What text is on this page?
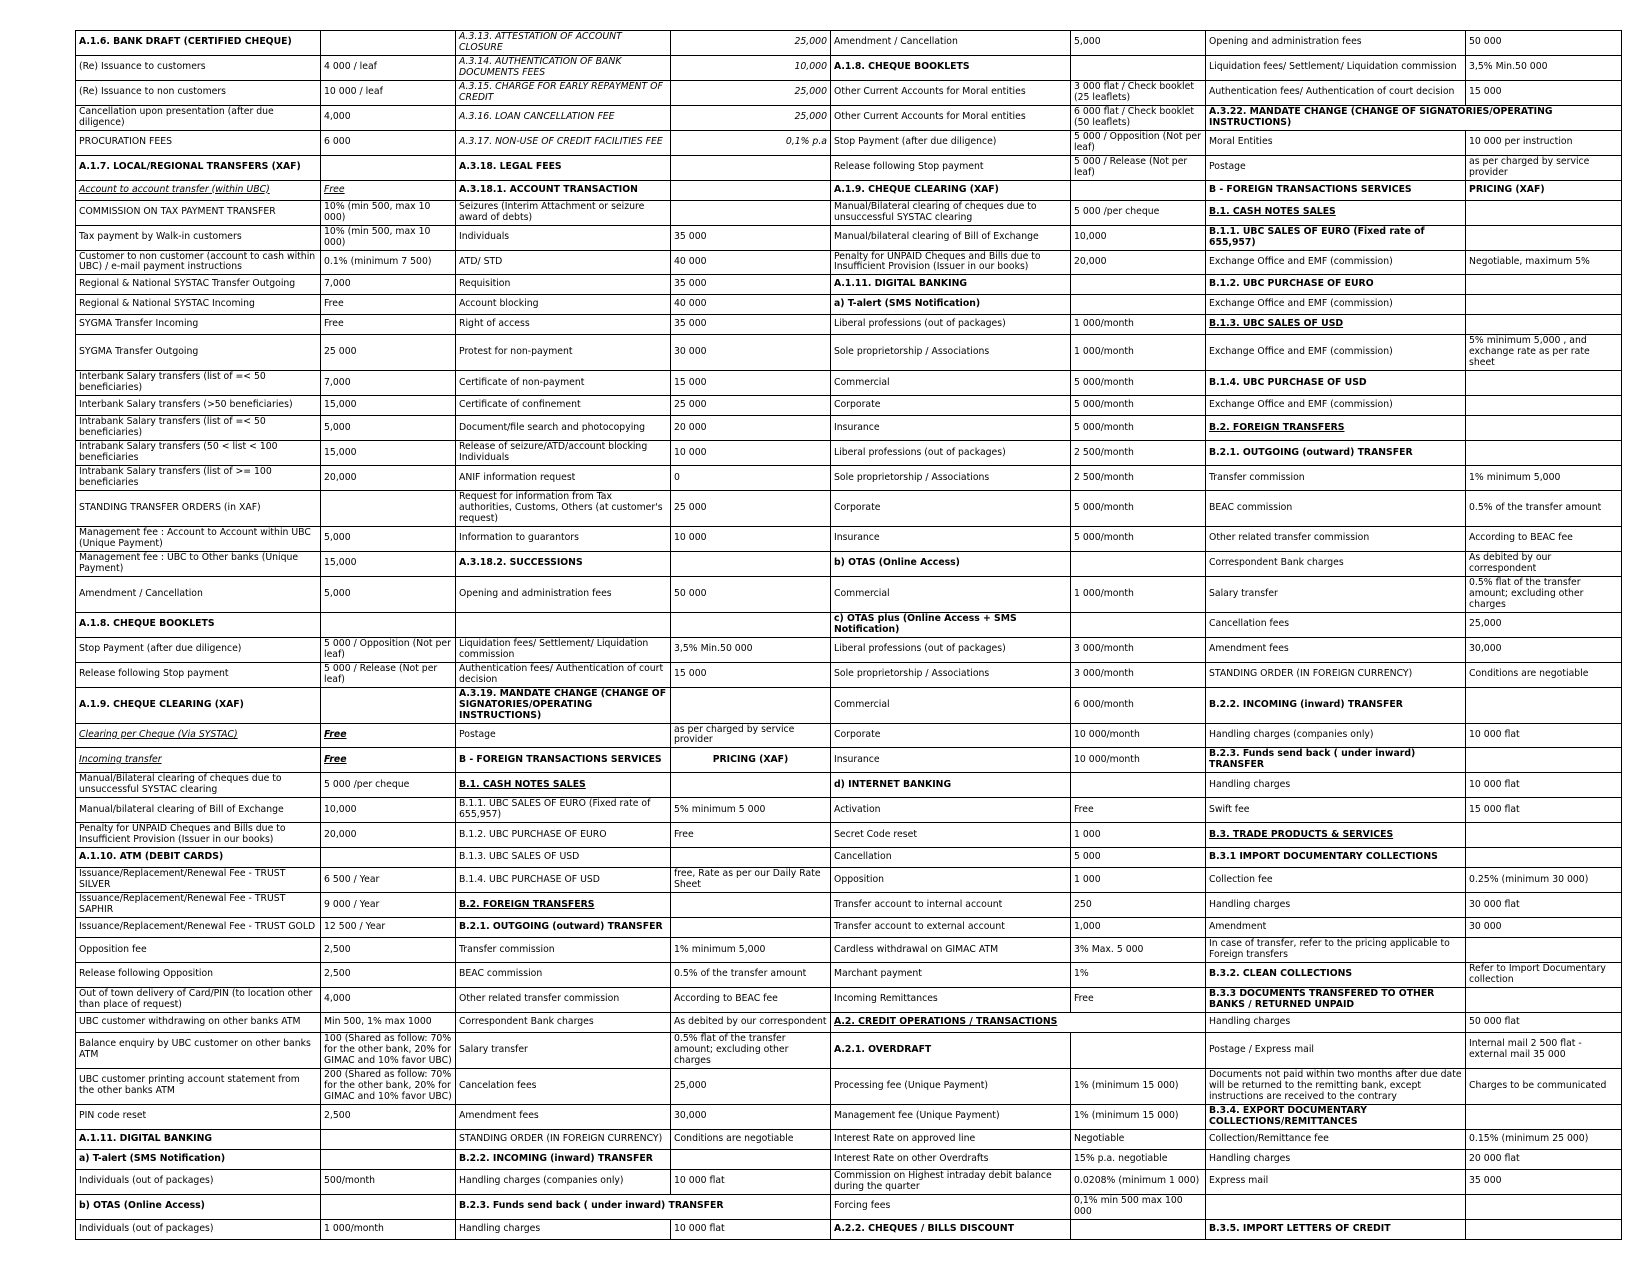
A.1.6. BANK DRAFT (CERTIFIED CHEQUE)		A.3.13. ATTESTATION OF ACCOUNT CLOSURE	25,000	Amendment / Cancellation	5,000	Opening and administration fees	50 000
(Re) Issuance to customers	4 000 / leaf	A.3.14. AUTHENTICATION OF BANK DOCUMENTS FEES	10,000	A.1.8. CHEQUE BOOKLETS		Liquidation fees/ Settlement/ Liquidation commission	3,5% Min.50 000
(Re) Issuance to non customers	10 000 / leaf	A.3.15. CHARGE FOR EARLY REPAYMENT OF CREDIT	25,000	Other Current Accounts for Moral entities	3 000 flat / Check booklet (25 leaflets)	Authentication fees/ Authentication of court decision	15 000
Cancellation upon presentation (after due diligence)	4,000	A.3.16. LOAN CANCELLATION FEE	25,000	Other Current Accounts for Moral entities	6 000 flat / Check booklet (50 leaflets)	A.3.22. MANDATE CHANGE (CHANGE OF SIGNATORIES/OPERATING INSTRUCTIONS)	
PROCURATION FEES	6 000	A.3.17. NON-USE OF CREDIT FACILITIES FEE	0,1% p.a	Stop Payment (after due diligence)	5 000 / Opposition (Not per leaf)	Moral Entities	10 000 per instruction
A.1.7. LOCAL/REGIONAL TRANSFERS (XAF)		A.3.18. LEGAL FEES		Release following Stop payment	5 000 / Release (Not per leaf)	Postage	as per charged by service provider
Account to account transfer (within UBC)	Free	A.3.18.1. ACCOUNT TRANSACTION		A.1.9. CHEQUE CLEARING (XAF)		B - FOREIGN TRANSACTIONS SERVICES	PRICING (XAF)
COMMISSION ON TAX PAYMENT TRANSFER	10% (min 500, max 10 000)	Seizures (Interim Attachment or seizure award of debts)		Manual/Bilateral clearing of cheques due to unsuccessful SYSTAC clearing	5 000 /per cheque	B.1. CASH NOTES SALES	
Tax payment by Walk-in customers	10% (min 500, max 10 000)	Individuals	35 000	Manual/bilateral clearing of Bill of Exchange	10,000	B.1.1. UBC SALES OF EURO (Fixed rate of 655,957)	
Customer to non customer (account to cash within UBC) / e-mail payment instructions	0.1% (minimum 7 500)	ATD/ STD	40 000	Penalty for UNPAID Cheques and Bills due to Insufficient Provision (Issuer in our books)	20,000	Exchange Office and EMF (commission)	Negotiable, maximum 5%
Regional & National SYSTAC Transfer Outgoing	7,000	Requisition	35 000	A.1.11. DIGITAL BANKING		B.1.2. UBC PURCHASE OF EURO	
Regional & National SYSTAC Incoming	Free	Account blocking	40 000	a) T-alert (SMS Notification)		Exchange Office and EMF (commission)	
SYGMA Transfer Incoming	Free	Right of access	35 000	Liberal professions (out of packages)	1 000/month	B.1.3. UBC SALES OF USD	
SYGMA Transfer Outgoing	25 000	Protest for non-payment	30 000	Sole proprietorship / Associations	1 000/month	Exchange Office and EMF (commission)	5% minimum 5,000 , and exchange rate as per rate sheet
Interbank Salary transfers (list of =< 50 beneficiaries)	7,000	Certificate of non-payment	15 000	Commercial	5 000/month	B.1.4. UBC PURCHASE OF USD	
Interbank Salary transfers (>50 beneficiaries)	15,000	Certificate of confinement	25 000	Corporate	5 000/month	Exchange Office and EMF (commission)	
Intrabank Salary transfers (list of =< 50 beneficiaries)	5,000	Document/file search and photocopying	20 000	Insurance	5 000/month	B.2. FOREIGN TRANSFERS	
Intrabank Salary transfers (50 < list < 100 beneficiaries	15,000	Release of seizure/ATD/account blocking Individuals	10 000	Liberal professions (out of packages)	2 500/month	B.2.1. OUTGOING (outward) TRANSFER	
Intrabank Salary transfers (list of >= 100 beneficiaries	20,000	ANIF information request	0	Sole proprietorship / Associations	2 500/month	Transfer commission	1% minimum 5,000
STANDING TRANSFER ORDERS (in XAF)		Request for information from Tax authorities, Customs, Others (at customer's request)	25 000	Corporate	5 000/month	BEAC commission	0.5% of the transfer amount
Management fee : Account to Account within UBC (Unique Payment)	5,000	Information to guarantors	10 000	Insurance	5 000/month	Other related transfer commission	According to BEAC fee
Management fee : UBC to Other banks (Unique Payment)	15,000	A.3.18.2. SUCCESSIONS		b) OTAS (Online Access)		Correspondent Bank charges	As debited by our correspondent
Amendment / Cancellation	5,000	Opening and administration fees	50 000	Commercial	1 000/month	Salary transfer	0.5% flat of the transfer amount; excluding other charges
A.1.8. CHEQUE BOOKLETS				c) OTAS plus (Online Access + SMS Notification)		Cancellation fees	25,000
Stop Payment (after due diligence)	5 000 / Opposition (Not per leaf)	Liquidation fees/ Settlement/ Liquidation commission	3,5% Min.50 000	Liberal professions (out of packages)	3 000/month	Amendment fees	30,000
Release following Stop payment	5 000 / Release (Not per leaf)	Authentication fees/ Authentication of court decision	15 000	Sole proprietorship / Associations	3 000/month	STANDING ORDER (IN FOREIGN CURRENCY)	Conditions are negotiable
A.1.9. CHEQUE CLEARING (XAF)		A.3.19. MANDATE CHANGE (CHANGE OF SIGNATORIES/OPERATING INSTRUCTIONS)		Commercial	6 000/month	B.2.2. INCOMING (inward) TRANSFER	
Clearing per Cheque (Via SYSTAC)	Free	Postage	as per charged by service provider	Corporate	10 000/month	Handling charges (companies only)	10 000 flat
Incoming transfer	Free	B - FOREIGN TRANSACTIONS SERVICES	PRICING (XAF)	Insurance	10 000/month	B.2.3. Funds send back ( under inward) TRANSFER	
Manual/Bilateral clearing of cheques due to unsuccessful SYSTAC clearing	5 000 /per cheque	B.1. CASH NOTES SALES		d) INTERNET BANKING		Handling charges	10 000 flat
Manual/bilateral clearing of Bill of Exchange	10,000	B.1.1. UBC SALES OF EURO (Fixed rate of 655,957)	5% minimum 5 000	Activation	Free	Swift fee	15 000 flat
Penalty for UNPAID Cheques and Bills due to Insufficient Provision (Issuer in our books)	20,000	B.1.2. UBC PURCHASE OF EURO	Free	Secret Code reset	1 000	B.3. TRADE PRODUCTS & SERVICES	
A.1.10. ATM (DEBIT CARDS)		B.1.3. UBC SALES OF USD		Cancellation	5 000	B.3.1 IMPORT DOCUMENTARY COLLECTIONS	
Issuance/Replacement/Renewal Fee - TRUST SILVER	6 500 / Year	B.1.4. UBC PURCHASE OF USD	free, Rate as per our Daily Rate Sheet	Opposition	1 000	Collection fee	0.25% (minimum 30 000)
Issuance/Replacement/Renewal Fee - TRUST SAPHIR	9 000 / Year	B.2. FOREIGN TRANSFERS		Transfer account to internal account	250	Handling charges	30 000 flat
Issuance/Replacement/Renewal Fee - TRUST GOLD	12 500 / Year	B.2.1. OUTGOING (outward) TRANSFER		Transfer account to external account	1,000	Amendment	30 000
Opposition fee	2,500	Transfer commission	1% minimum 5,000	Cardless withdrawal on GIMAC ATM	3% Max. 5 000	In case of transfer, refer to the pricing applicable to Foreign transfers	
Release following Opposition	2,500	BEAC commission	0.5% of the transfer amount	Marchant payment	1%	B.3.2. CLEAN COLLECTIONS	Refer to Import Documentary collection
Out of town delivery of Card/PIN (to location other than place of request)	4,000	Other related transfer commission	According to BEAC fee	Incoming Remittances	Free	B.3.3 DOCUMENTS TRANSFERED TO OTHER BANKS / RETURNED UNPAID	
UBC customer withdrawing on other banks ATM	Min 500, 1% max 1000	Correspondent Bank charges	As debited by our correspondent	A.2. CREDIT OPERATIONS / TRANSACTIONS		Handling charges	50 000 flat
Balance enquiry by UBC customer on other banks ATM	100 (Shared as follow: 70% for the other bank, 20% for GIMAC and 10% favor UBC)	Salary transfer	0.5% flat of the transfer amount; excluding other charges	A.2.1. OVERDRAFT		Postage / Express mail	Internal mail 2 500 flat - external mail 35 000
UBC customer printing account statement from the other banks ATM	200 (Shared as follow: 70% for the other bank, 20% for GIMAC and 10% favor UBC)	Cancelation fees	25,000	Processing fee (Unique Payment)	1% (minimum 15 000)	Documents not paid within two months after due date will be returned to the remitting bank, except instructions are received to the contrary	Charges to be communicated
PIN code reset	2,500	Amendment fees	30,000	Management fee (Unique Payment)	1% (minimum 15 000)	B.3.4. EXPORT DOCUMENTARY COLLECTIONS/REMITTANCES	
A.1.11. DIGITAL BANKING		STANDING ORDER (IN FOREIGN CURRENCY)	Conditions are negotiable	Interest Rate on approved line	Negotiable	Collection/Remittance fee	0.15% (minimum 25 000)
a) T-alert (SMS Notification)		B.2.2. INCOMING (inward) TRANSFER		Interest Rate on other Overdrafts	15% p.a. negotiable	Handling charges	20 000 flat
Individuals (out of packages)	500/month	Handling charges (companies only)	10 000 flat	Commission on Highest intraday debit balance during the quarter	0.0208% (minimum 1 000)	Express mail	35 000
b) OTAS (Online Access)		B.2.3. Funds send back ( under inward) TRANSFER		Forcing fees	0,1% min 500 max 100 000		
Individuals (out of packages)	1 000/month	Handling charges	10 000 flat	A.2.2. CHEQUES / BILLS DISCOUNT		B.3.5. IMPORT LETTERS OF CREDIT	
